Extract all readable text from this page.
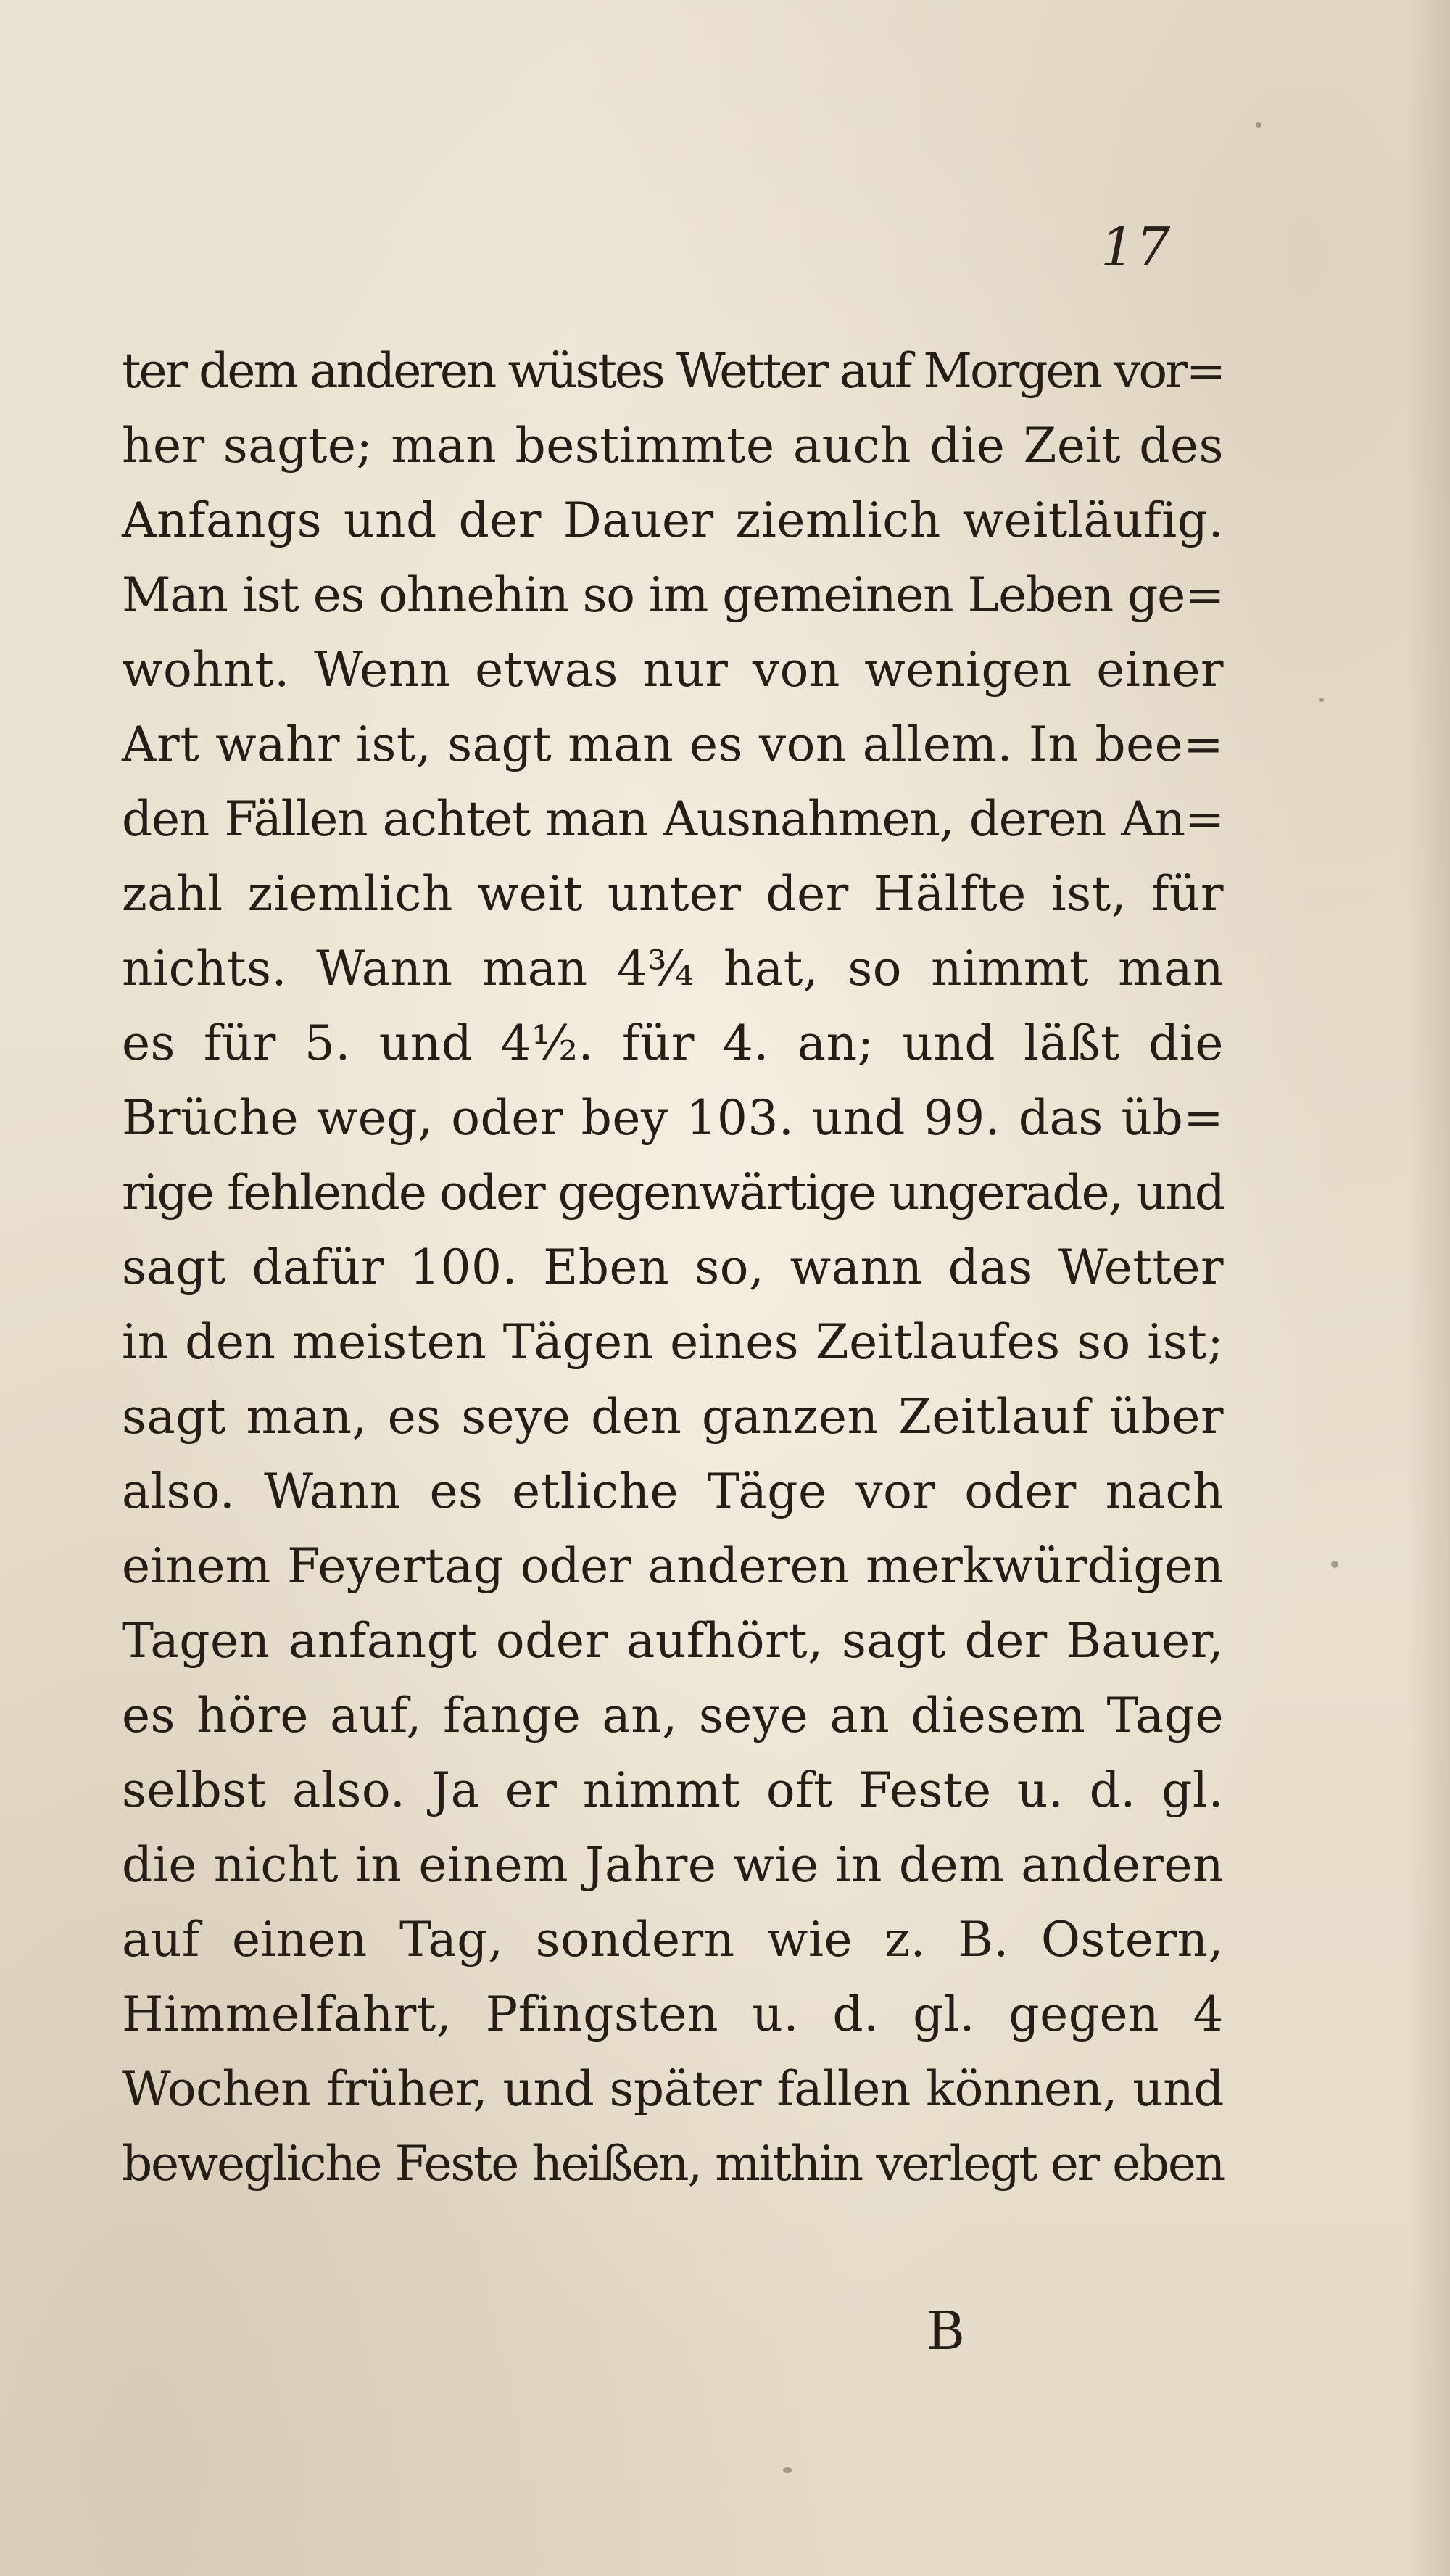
17
ter dem anderen wüstes Wetter auf Morgen vor=
her sagte; man bestimmte auch die Zeit des
Anfangs und der Dauer ziemlich weitläufig.
Man ist es ohnehin so im gemeinen Leben ge=
wohnt. Wenn etwas nur von wenigen einer
Art wahr ist, sagt man es von allem. In bee=
den Fällen achtet man Ausnahmen, deren An=
zahl ziemlich weit unter der Hälfte ist, für
nichts. Wann man 4¾ hat, so nimmt man
es für 5. und 4½. für 4. an; und läßt die
Brüche weg, oder bey 103. und 99. das üb=
rige fehlende oder gegenwärtige ungerade, und
sagt dafür 100. Eben so, wann das Wetter
in den meisten Tägen eines Zeitlaufes so ist;
sagt man, es seye den ganzen Zeitlauf über
also. Wann es etliche Täge vor oder nach
einem Feyertag oder anderen merkwürdigen
Tagen anfangt oder aufhört, sagt der Bauer,
es höre auf, fange an, seye an diesem Tage
selbst also. Ja er nimmt oft Feste u. d. gl.
die nicht in einem Jahre wie in dem anderen
auf einen Tag, sondern wie z. B. Ostern,
Himmelfahrt, Pfingsten u. d. gl. gegen 4
Wochen früher, und später fallen können, und
bewegliche Feste heißen, mithin verlegt er eben
B
